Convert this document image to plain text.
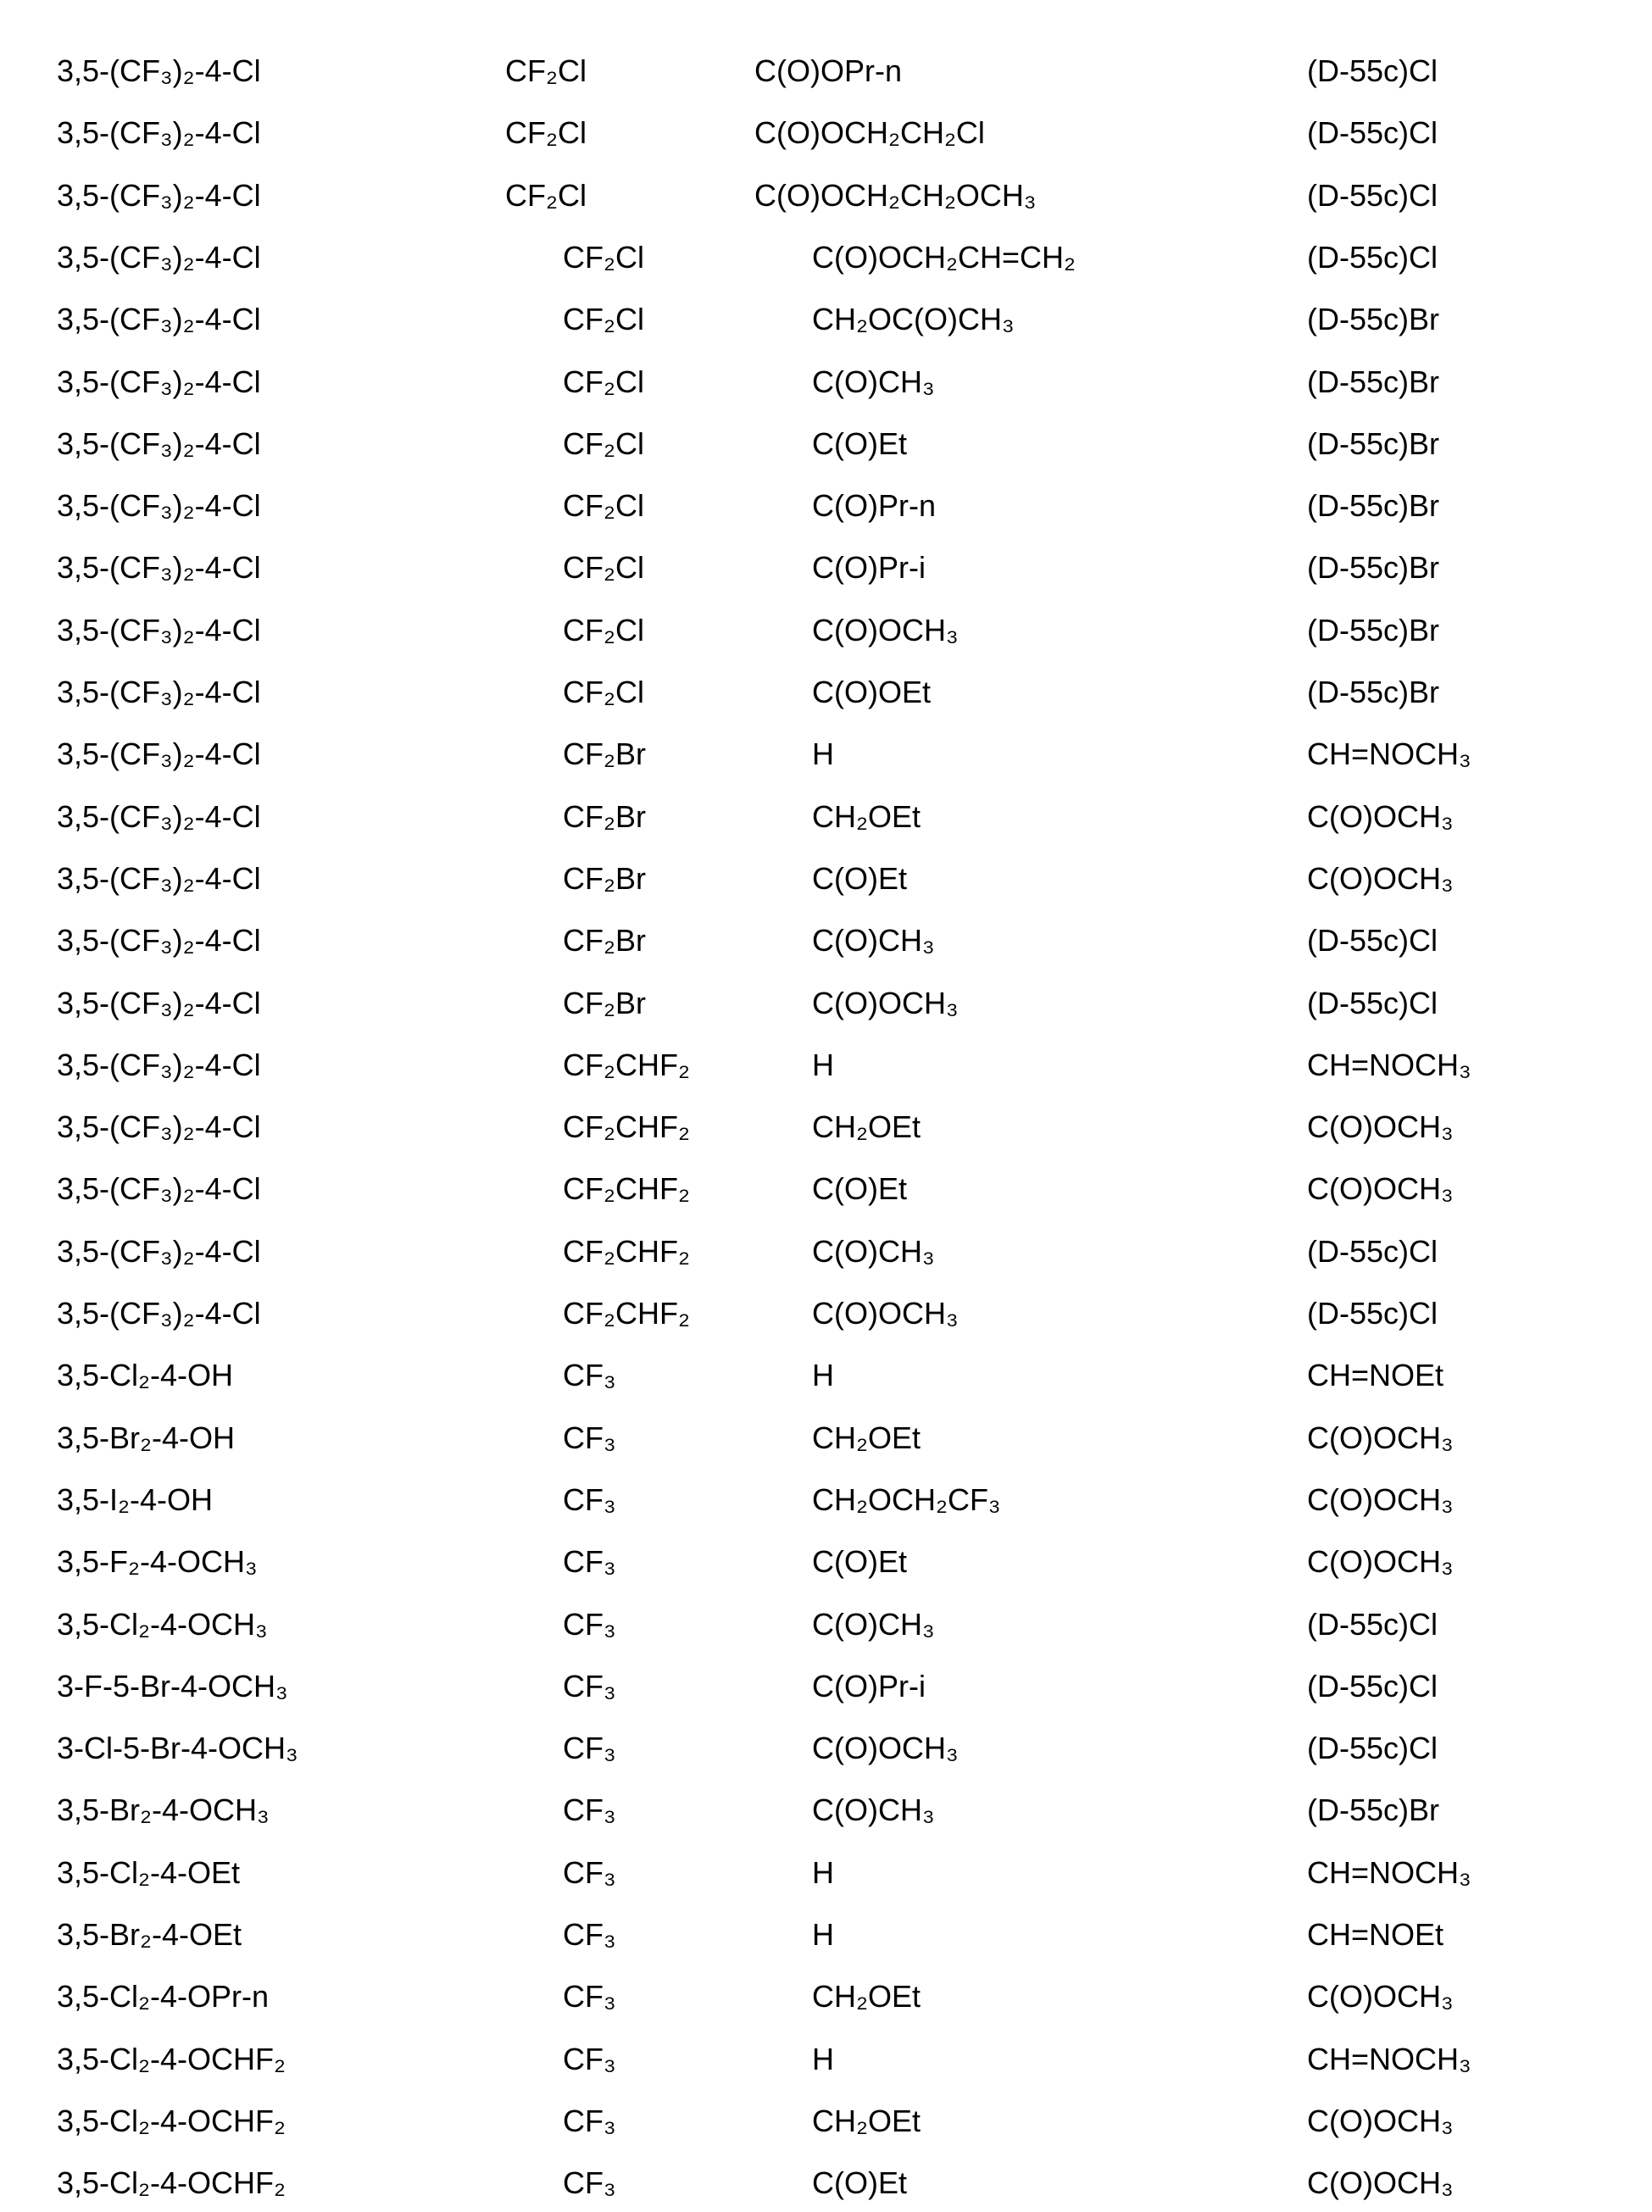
3,5-(CF₃)₂-4-Cl	CF₂Cl	C(O)OPr-n	(D-55c)Cl
3,5-(CF₃)₂-4-Cl	CF₂Cl	C(O)OCH₂CH₂Cl	(D-55c)Cl
3,5-(CF₃)₂-4-Cl	CF₂Cl	C(O)OCH₂CH₂OCH₃	(D-55c)Cl
3,5-(CF₃)₂-4-Cl	CF₂Cl	C(O)OCH₂CH=CH₂	(D-55c)Cl
3,5-(CF₃)₂-4-Cl	CF₂Cl	CH₂OC(O)CH₃	(D-55c)Br
3,5-(CF₃)₂-4-Cl	CF₂Cl	C(O)CH₃	(D-55c)Br
3,5-(CF₃)₂-4-Cl	CF₂Cl	C(O)Et	(D-55c)Br
3,5-(CF₃)₂-4-Cl	CF₂Cl	C(O)Pr-n	(D-55c)Br
3,5-(CF₃)₂-4-Cl	CF₂Cl	C(O)Pr-i	(D-55c)Br
3,5-(CF₃)₂-4-Cl	CF₂Cl	C(O)OCH₃	(D-55c)Br
3,5-(CF₃)₂-4-Cl	CF₂Cl	C(O)OEt	(D-55c)Br
3,5-(CF₃)₂-4-Cl	CF₂Br	H	CH=NOCH₃
3,5-(CF₃)₂-4-Cl	CF₂Br	CH₂OEt	C(O)OCH₃
3,5-(CF₃)₂-4-Cl	CF₂Br	C(O)Et	C(O)OCH₃
3,5-(CF₃)₂-4-Cl	CF₂Br	C(O)CH₃	(D-55c)Cl
3,5-(CF₃)₂-4-Cl	CF₂Br	C(O)OCH₃	(D-55c)Cl
3,5-(CF₃)₂-4-Cl	CF₂CHF₂	H	CH=NOCH₃
3,5-(CF₃)₂-4-Cl	CF₂CHF₂	CH₂OEt	C(O)OCH₃
3,5-(CF₃)₂-4-Cl	CF₂CHF₂	C(O)Et	C(O)OCH₃
3,5-(CF₃)₂-4-Cl	CF₂CHF₂	C(O)CH₃	(D-55c)Cl
3,5-(CF₃)₂-4-Cl	CF₂CHF₂	C(O)OCH₃	(D-55c)Cl
3,5-Cl₂-4-OH	CF₃	H	CH=NOEt
3,5-Br₂-4-OH	CF₃	CH₂OEt	C(O)OCH₃
3,5-I₂-4-OH	CF₃	CH₂OCH₂CF₃	C(O)OCH₃
3,5-F₂-4-OCH₃	CF₃	C(O)Et	C(O)OCH₃
3,5-Cl₂-4-OCH₃	CF₃	C(O)CH₃	(D-55c)Cl
3-F-5-Br-4-OCH₃	CF₃	C(O)Pr-i	(D-55c)Cl
3-Cl-5-Br-4-OCH₃	CF₃	C(O)OCH₃	(D-55c)Cl
3,5-Br₂-4-OCH₃	CF₃	C(O)CH₃	(D-55c)Br
3,5-Cl₂-4-OEt	CF₃	H	CH=NOCH₃
3,5-Br₂-4-OEt	CF₃	H	CH=NOEt
3,5-Cl₂-4-OPr-n	CF₃	CH₂OEt	C(O)OCH₃
3,5-Cl₂-4-OCHF₂	CF₃	H	CH=NOCH₃
3,5-Cl₂-4-OCHF₂	CF₃	CH₂OEt	C(O)OCH₃
3,5-Cl₂-4-OCHF₂	CF₃	C(O)Et	C(O)OCH₃
